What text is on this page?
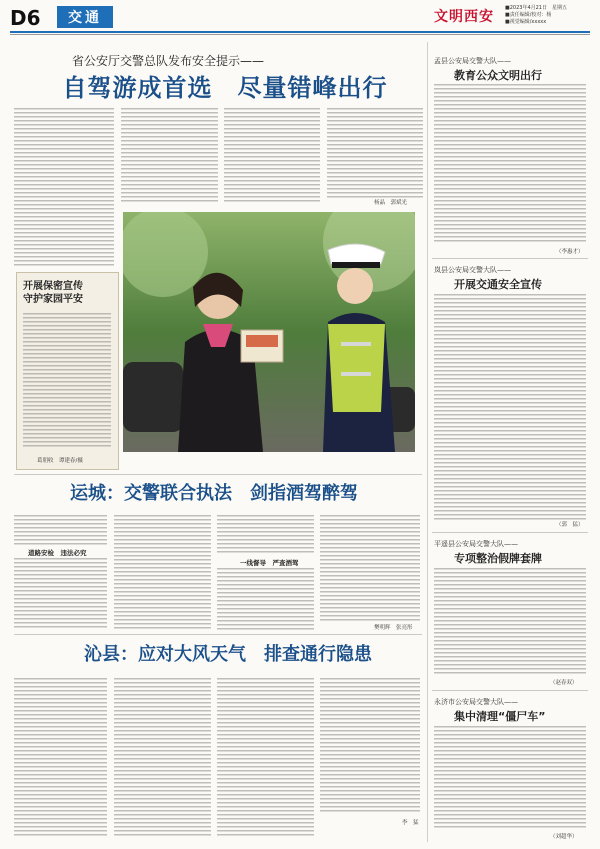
D6	交通	文明西安
■2023年4月21日　星期五
■责任编辑/校对：杨
■视觉编辑/xxxxx
省公安厅交警总队发布安全提示——
自驾游成首选　尽量错峰出行
杨晶　郭斌光
开展保密宣传
守护家园平安
葛朋收　谭建春/摄
运城：交警联合执法　剑指酒驾醉驾
道路安检　违法必究
一线督导　严查酒驾
樊明辉　张亮彤
沁县：应对大风天气　排查通行隐患
李　猛
孟县公安局交警大队——
教育公众文明出行
（李惠才）
岚县公安局交警大队——
开展交通安全宣传
（郭　猛）
平遥县公安局交警大队——
专项整治假牌套牌
（赵春双）
永济市公安局交警大队——
集中清理“僵尸车”
（刘超华）
